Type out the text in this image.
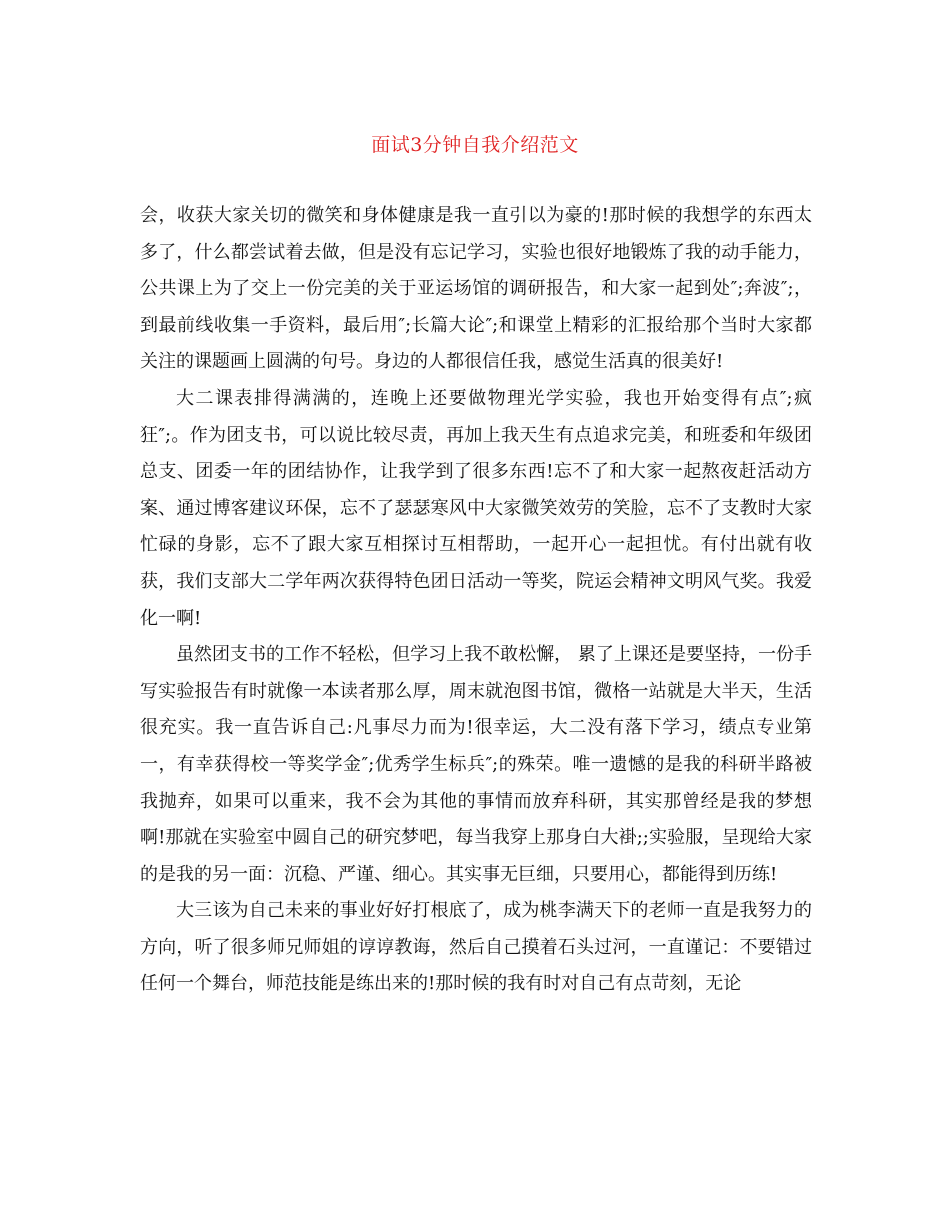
面试3分钟自我介绍范文

会，收获大家关切的微笑和身体健康是我一直引以为豪的!那时候的我想学的东西太多了，什么都尝试着去做，但是没有忘记学习，实验也很好地锻炼了我的动手能力，公共课上为了交上一份完美的关于亚运场馆的调研报告，和大家一起到处″;奔波″;，到最前线收集一手资料，最后用″;长篇大论″;和课堂上精彩的汇报给那个当时大家都关注的课题画上圆满的句号。身边的人都很信任我，感觉生活真的很美好!

大二课表排得满满的，连晚上还要做物理光学实验，我也开始变得有点″;疯狂″;。作为团支书，可以说比较尽责，再加上我天生有点追求完美，和班委和年级团总支、团委一年的团结协作，让我学到了很多东西!忘不了和大家一起熬夜赶活动方案、通过博客建议环保，忘不了瑟瑟寒风中大家微笑效劳的笑脸，忘不了支教时大家忙碌的身影，忘不了跟大家互相探讨互相帮助，一起开心一起担忧。有付出就有收获，我们支部大二学年两次获得特色团日活动一等奖，院运会精神文明风气奖。我爱化一啊!

虽然团支书的工作不轻松，但学习上我不敢松懈， 累了上课还是要坚持，一份手写实验报告有时就像一本读者那么厚，周末就泡图书馆，微格一站就是大半天，生活很充实。我一直告诉自己:凡事尽力而为!很幸运，大二没有落下学习，绩点专业第一，有幸获得校一等奖学金″;优秀学生标兵″;的殊荣。唯一遗憾的是我的科研半路被我抛弃，如果可以重来，我不会为其他的事情而放弃科研，其实那曾经是我的梦想啊!那就在实验室中圆自己的研究梦吧，每当我穿上那身白大褂;;实验服，呈现给大家的是我的另一面：沉稳、严谨、细心。其实事无巨细，只要用心，都能得到历练!

大三该为自己未来的事业好好打根底了，成为桃李满天下的老师一直是我努力的方向，听了很多师兄师姐的谆谆教诲，然后自己摸着石头过河，一直谨记：不要错过任何一个舞台，师范技能是练出来的!那时候的我有时对自己有点苛刻，无论
